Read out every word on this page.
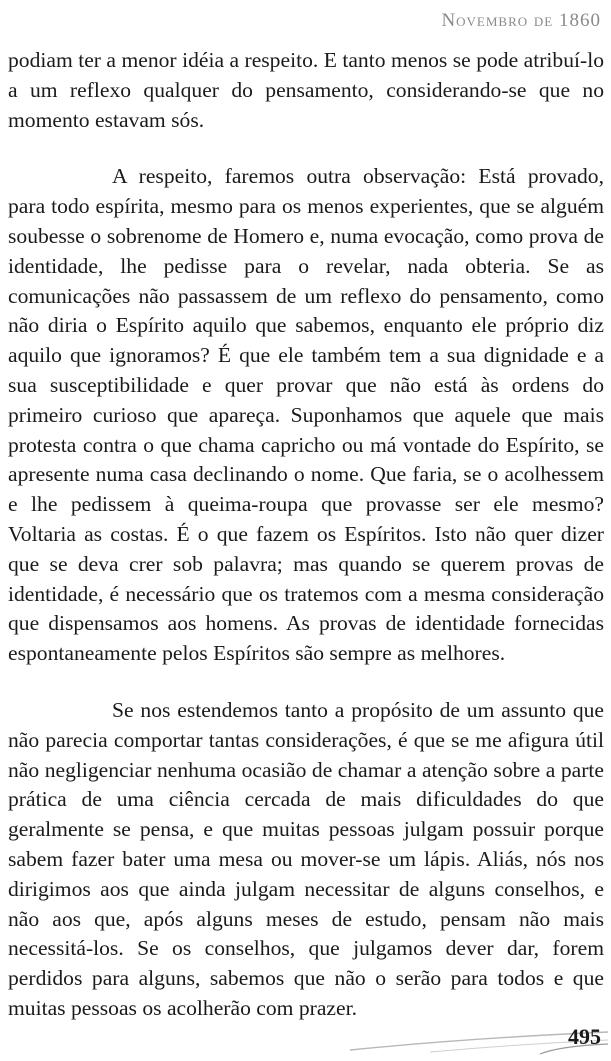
Novembro de 1860

podiam ter a menor idéia a respeito. E tanto menos se pode atribuí-lo a um reflexo qualquer do pensamento, considerando-se que no momento estavam sós.

A respeito, faremos outra observação: Está provado, para todo espírita, mesmo para os menos experientes, que se alguém soubesse o sobrenome de Homero e, numa evocação, como prova de identidade, lhe pedisse para o revelar, nada obteria. Se as comunicações não passassem de um reflexo do pensamento, como não diria o Espírito aquilo que sabemos, enquanto ele próprio diz aquilo que ignoramos? É que ele também tem a sua dignidade e a sua susceptibilidade e quer provar que não está às ordens do primeiro curioso que apareça. Suponhamos que aquele que mais protesta contra o que chama capricho ou má vontade do Espírito, se apresente numa casa declinando o nome. Que faria, se o acolhessem e lhe pedissem à queima-roupa que provasse ser ele mesmo? Voltaria as costas. É o que fazem os Espíritos. Isto não quer dizer que se deva crer sob palavra; mas quando se querem provas de identidade, é necessário que os tratemos com a mesma consideração que dispensamos aos homens. As provas de identidade fornecidas espontaneamente pelos Espíritos são sempre as melhores.

Se nos estendemos tanto a propósito de um assunto que não parecia comportar tantas considerações, é que se me afigura útil não negligenciar nenhuma ocasião de chamar a atenção sobre a parte prática de uma ciência cercada de mais dificuldades do que geralmente se pensa, e que muitas pessoas julgam possuir porque sabem fazer bater uma mesa ou mover-se um lápis. Aliás, nós nos dirigimos aos que ainda julgam necessitar de alguns conselhos, e não aos que, após alguns meses de estudo, pensam não mais necessitá-los. Se os conselhos, que julgamos dever dar, forem perdidos para alguns, sabemos que não o serão para todos e que muitas pessoas os acolherão com prazer.

495
